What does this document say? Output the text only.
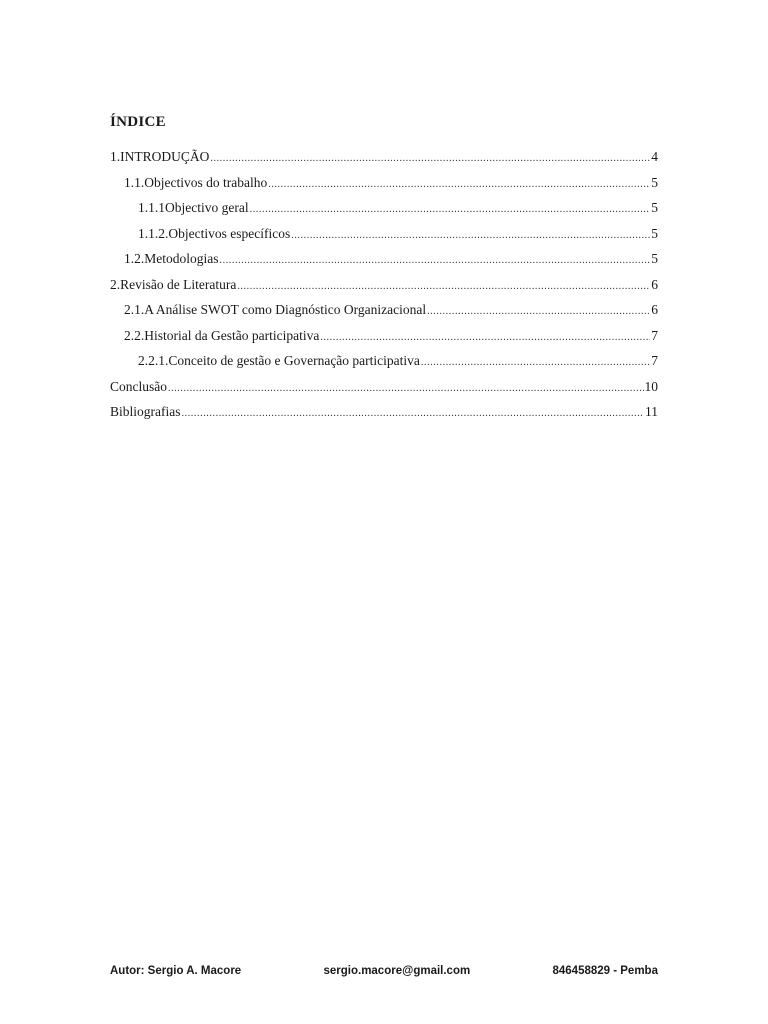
ÍNDICE
1.INTRODUÇÃO .....	4
1.1.Objectivos do trabalho .....	5
1.1.1Objectivo geral .....	5
1.1.2.Objectivos específicos .....	5
1.2.Metodologias .....	5
2.Revisão de Literatura .....	6
2.1.A Análise SWOT como Diagnóstico Organizacional .....	6
2.2.Historial da Gestão participativa .....	7
2.2.1.Conceito de gestão e Governação participativa .....	7
Conclusão .....	10
Bibliografias .....	11
Autor: Sergio A. Macore	sergio.macore@gmail.com	846458829 - Pemba
